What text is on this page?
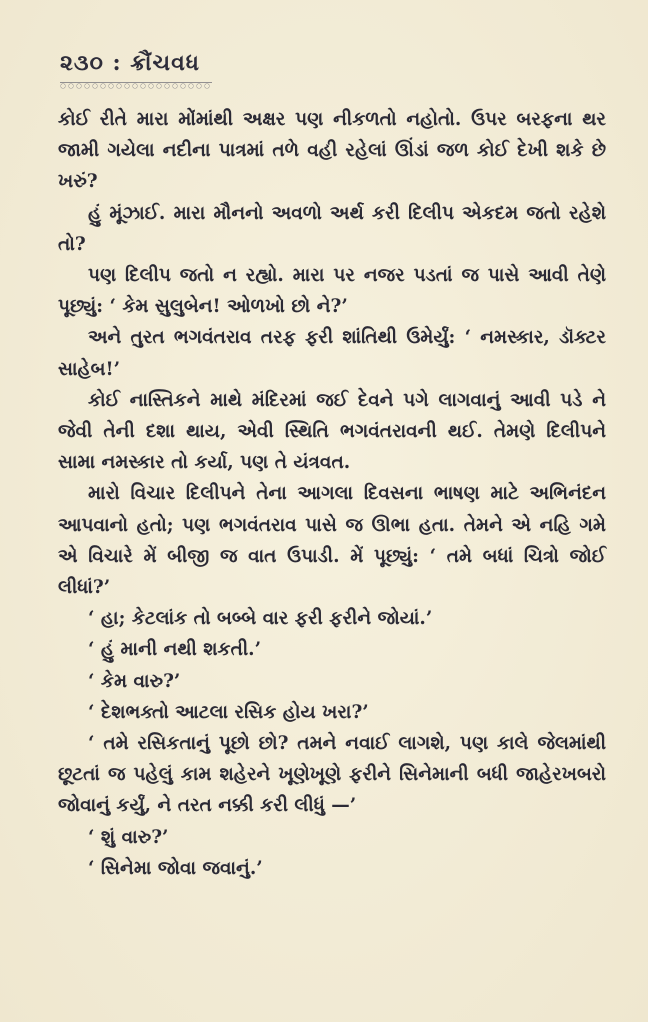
૨૩૦ : ક્રૌંચવધ

કોઈ રીતે મારા મોંમાંથી અક્ષર પણ નીકળતો નહોતો. ઉપર બરફના થર જામી ગયેલા નદીના પાત્રમાં તળે વહી રહેલાં ઊંડાં જળ કોઈ દેખી શકે છે ખરું?

હું મૂંઝાઈ. મારા મૌનનો અવળો અર્થ કરી દિલીપ એકદમ જતો રહેશે તો?

પણ દિલીપ જતો ન રહ્યો. મારા પર નજર પડતાં જ પાસે આવી તેણે પૂછ્યું: ‘ કેમ સુલુબેન! ઓળખો છો ને?’

અને તુરત ભગવંતરાવ તરફ ફરી શાંતિથી ઉમેર્યું: ‘ નમસ્કાર, ડૉક્ટર સાહેબ!’

કોઈ નાસ્તિકને માથે મંદિરમાં જઈ દેવને પગે લાગવાનું આવી પડે ને જેવી તેની દશા થાય, એવી સ્થિતિ ભગવંતરાવની થઈ. તેમણે દિલીપને સામા નમસ્કાર તો કર્યા, પણ તે યંત્રવત.

મારો વિચાર દિલીપને તેના આગલા દિવસના ભાષણ માટે અભિનંદન આપવાનો હતો; પણ ભગવંતરાવ પાસે જ ઊભા હતા. તેમને એ નહિ ગમે એ વિચારે મેં બીજી જ વાત ઉપાડી. મેં પૂછ્યું: ‘ તમે બધાં ચિત્રો જોઈ લીધાં?’

‘ હા; કેટલાંક તો બબ્બે વાર ફરી ફરીને જોયાં.’

‘ હું માની નથી શકતી.’

‘ કેમ વારુ?’

‘ દેશભક્તો આટલા રસિક હોય ખરા?’

‘ તમે રસિકતાનું પૂછો છો? તમને નવાઈ લાગશે, પણ કાલે જેલમાંથી છૂટતાં જ પહેલું કામ શહેરને ખૂણેખૂણે ફરીને સિનેમાની બધી જાહેરખબરો જોવાનું કર્યું, ને તરત નક્કી કરી લીધું —’

‘ શું વારુ?’

‘ સિનેમા જોવા જવાનું.’
